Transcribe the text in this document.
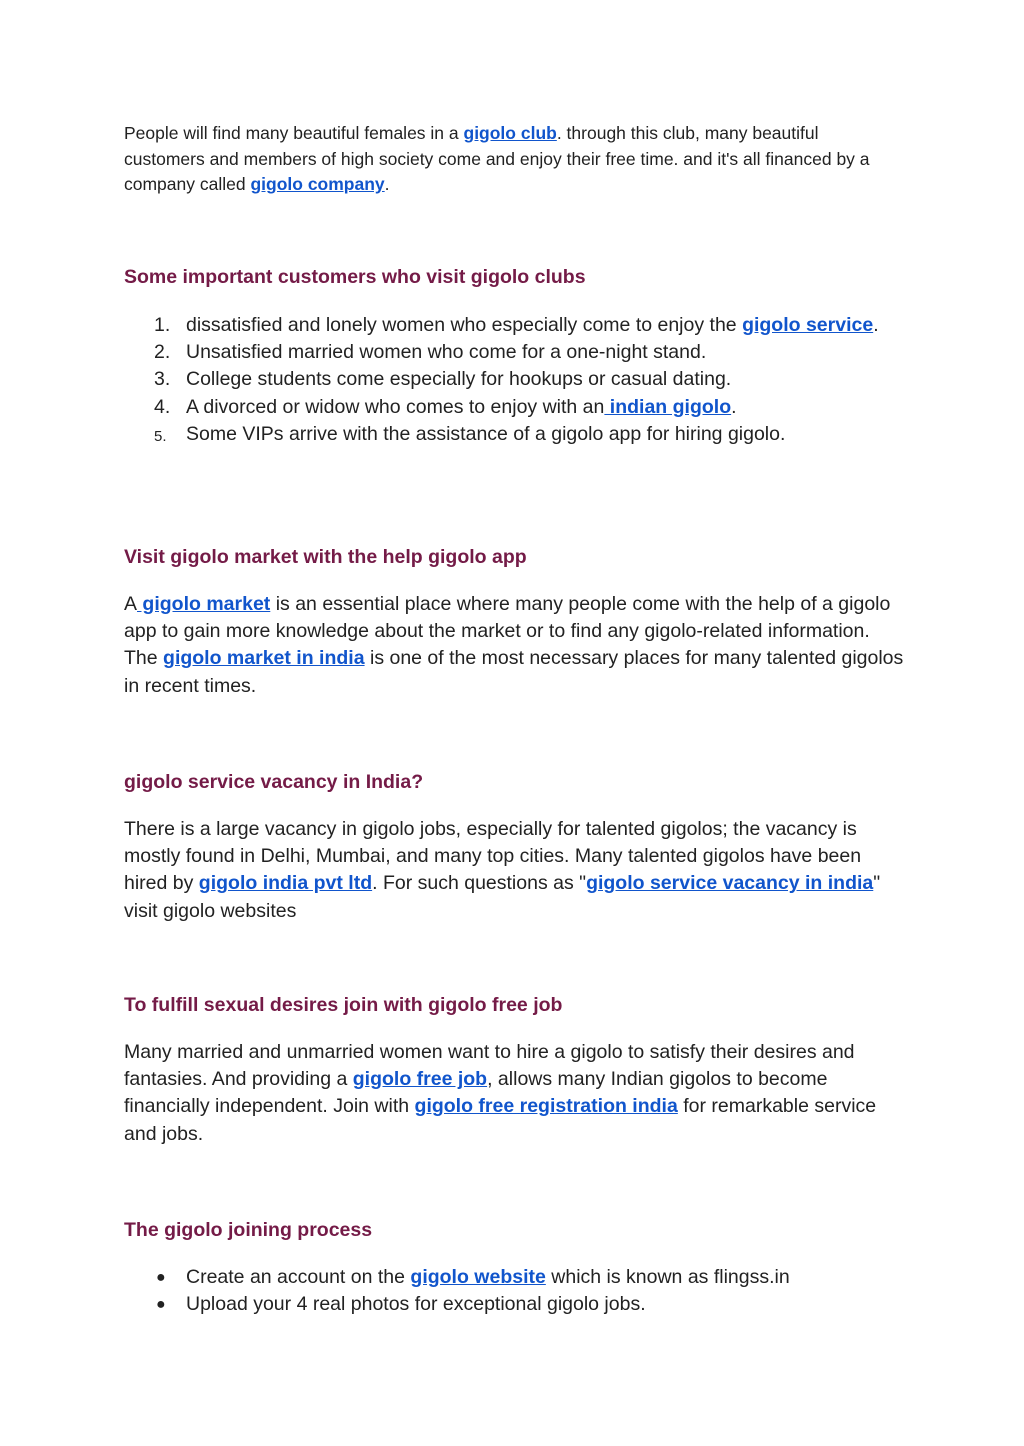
People will find many beautiful females in a gigolo club. through this club, many beautiful customers and members of high society come and enjoy their free time. and it's all financed by a company called gigolo company.

Some important customers who visit gigolo clubs
1. dissatisfied and lonely women who especially come to enjoy the gigolo service.
2. Unsatisfied married women who come for a one-night stand.
3. College students come especially for hookups or casual dating.
4. A divorced or widow who comes to enjoy with an indian gigolo.
5. Some VIPs arrive with the assistance of a gigolo app for hiring gigolo.
Visit gigolo market with the help gigolo app

A gigolo market is an essential place where many people come with the help of a gigolo app to gain more knowledge about the market or to find any gigolo-related information. The gigolo market in india is one of the most necessary places for many talented gigolos in recent times.

gigolo service vacancy in India?

There is a large vacancy in gigolo jobs, especially for talented gigolos; the vacancy is mostly found in Delhi, Mumbai, and many top cities. Many talented gigolos have been hired by gigolo india pvt ltd. For such questions as "gigolo service vacancy in india" visit gigolo websites

To fulfill sexual desires join with gigolo free job

Many married and unmarried women want to hire a gigolo to satisfy their desires and fantasies. And providing a gigolo free job, allows many Indian gigolos to become financially independent. Join with gigolo free registration india for remarkable service and jobs.

The gigolo joining process
● Create an account on the gigolo website which is known as flingss.in
● Upload your 4 real photos for exceptional gigolo jobs.
